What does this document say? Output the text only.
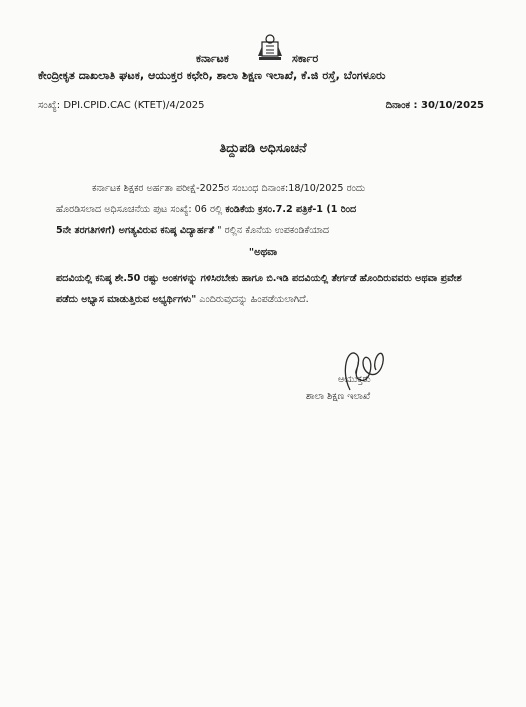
ಕರ್ನಾಟಕ	ಸರ್ಕಾರ
ಕೇಂದ್ರೀಕೃತ ದಾಖಲಾತಿ ಘಟಕ, ಆಯುಕ್ತರ ಕಛೇರಿ, ಶಾಲಾ ಶಿಕ್ಷಣ ಇಲಾಖೆ, ಕೆ.ಜಿ ರಸ್ತೆ, ಬೆಂಗಳೂರು
ಸಂಖ್ಯೆ: DPI.CPID.CAC (KTET)/4/2025	ದಿನಾಂಕ : 30/10/2025
ತಿದ್ದುಪಡಿ ಅಧಿಸೂಚನೆ
ಕರ್ನಾಟಕ ಶಿಕ್ಷಕರ ಅರ್ಹತಾ ಪರೀಕ್ಷೆ-2025ರ ಸಂಬಂಧ ದಿನಾಂಕ:18/10/2025 ರಂದು
ಹೊರಡಿಸಲಾದ ಅಧಿಸೂಚನೆಯ ಪುಟ ಸಂಖ್ಯೆ: 06 ರಲ್ಲಿ ಕಂಡಿಕೆಯ ಕ್ರಸಂ.7.2 ಪತ್ರಿಕೆ-1 (1 ರಿಂದ
5ನೇ ತರಗತಿಗಳಿಗೆ) ಅಗತ್ಯವಿರುವ ಕನಿಷ್ಠ ವಿದ್ಯಾರ್ಹತೆ " ರಲ್ಲಿನ ಕೊನೆಯ ಉಪಕಂಡಿಕೆಯಾದ
"ಅಥವಾ
ಪದವಿಯಲ್ಲಿ ಕನಿಷ್ಠ ಶೇ.50 ರಷ್ಟು ಅಂಕಗಳನ್ನು ಗಳಿಸಿರಬೇಕು ಹಾಗೂ ಬಿ.ಇಡಿ ಪದವಿಯಲ್ಲಿ ತೇರ್ಗಡೆ ಹೊಂದಿರುವವರು ಅಥವಾ ಪ್ರವೇಶ ಪಡೆದು ಅಭ್ಯಾಸ ಮಾಡುತ್ತಿರುವ ಅಭ್ಯರ್ಥಿಗಳು" ಎಂದಿರುವುದನ್ನು ಹಿಂಪಡೆಯಲಾಗಿದೆ.
ಆಯುಕ್ತರು
ಶಾಲಾ ಶಿಕ್ಷಣ ಇಲಾಖೆ
